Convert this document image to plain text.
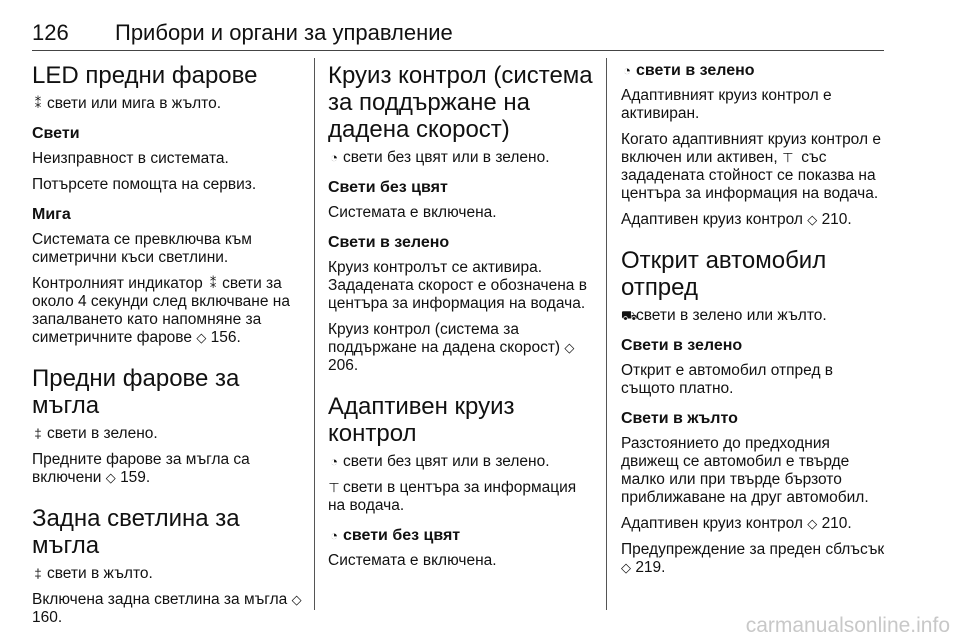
126 Прибори и органи за управление
LED предни фарове

⁑ свети или мига в жълто.

Свети

Неизправност в системата.

Потърсете помощта на сервиз.

Мига

Системата се превключва към симетрични къси светлини.

Контролният индикатор ⁑ свети за около 4 секунди след включване на запалването като напомняне за симетричните фарове ◇ 156.

Предни фарове за мъгла

‡ свети в зелено.

Предните фарове за мъгла са включени ◇ 159.

Задна светлина за мъгла

‡ свети в жълто.

Включена задна светлина за мъгла ◇ 160.

Круиз контрол (система за поддържане на дадена скорост)

◔ свети без цвят или в зелено.

Свети без цвят

Системата е включена.

Свети в зелено

Круиз контролът се активира. Зададената скорост е обозначена в центъра за информация на водача.

Круиз контрол (система за поддържане на дадена скорост) ◇ 206.

Адаптивен круиз контрол

◔ свети без цвят или в зелено.

⊤ свети в центъра за информация на водача.

◔ свети без цвят

Системата е включена.

◔ свети в зелено

Адаптивният круиз контрол е активиран.

Когато адаптивният круиз контрол е включен или активен, ⊤ със зададената стойност се показва на центъра за информация на водача.

Адаптивен круиз контрол ◇ 210.

Открит автомобил отпред

⛟свети в зелено или жълто.

Свети в зелено

Открит е автомобил отпред в същото платно.

Свети в жълто

Разстоянието до предходния движещ се автомобил е твърде малко или при твърде бързото приближаване на друг автомобил.

Адаптивен круиз контрол ◇ 210.

Предупреждение за преден сблъсък ◇ 219.

carmanualsonline.info
